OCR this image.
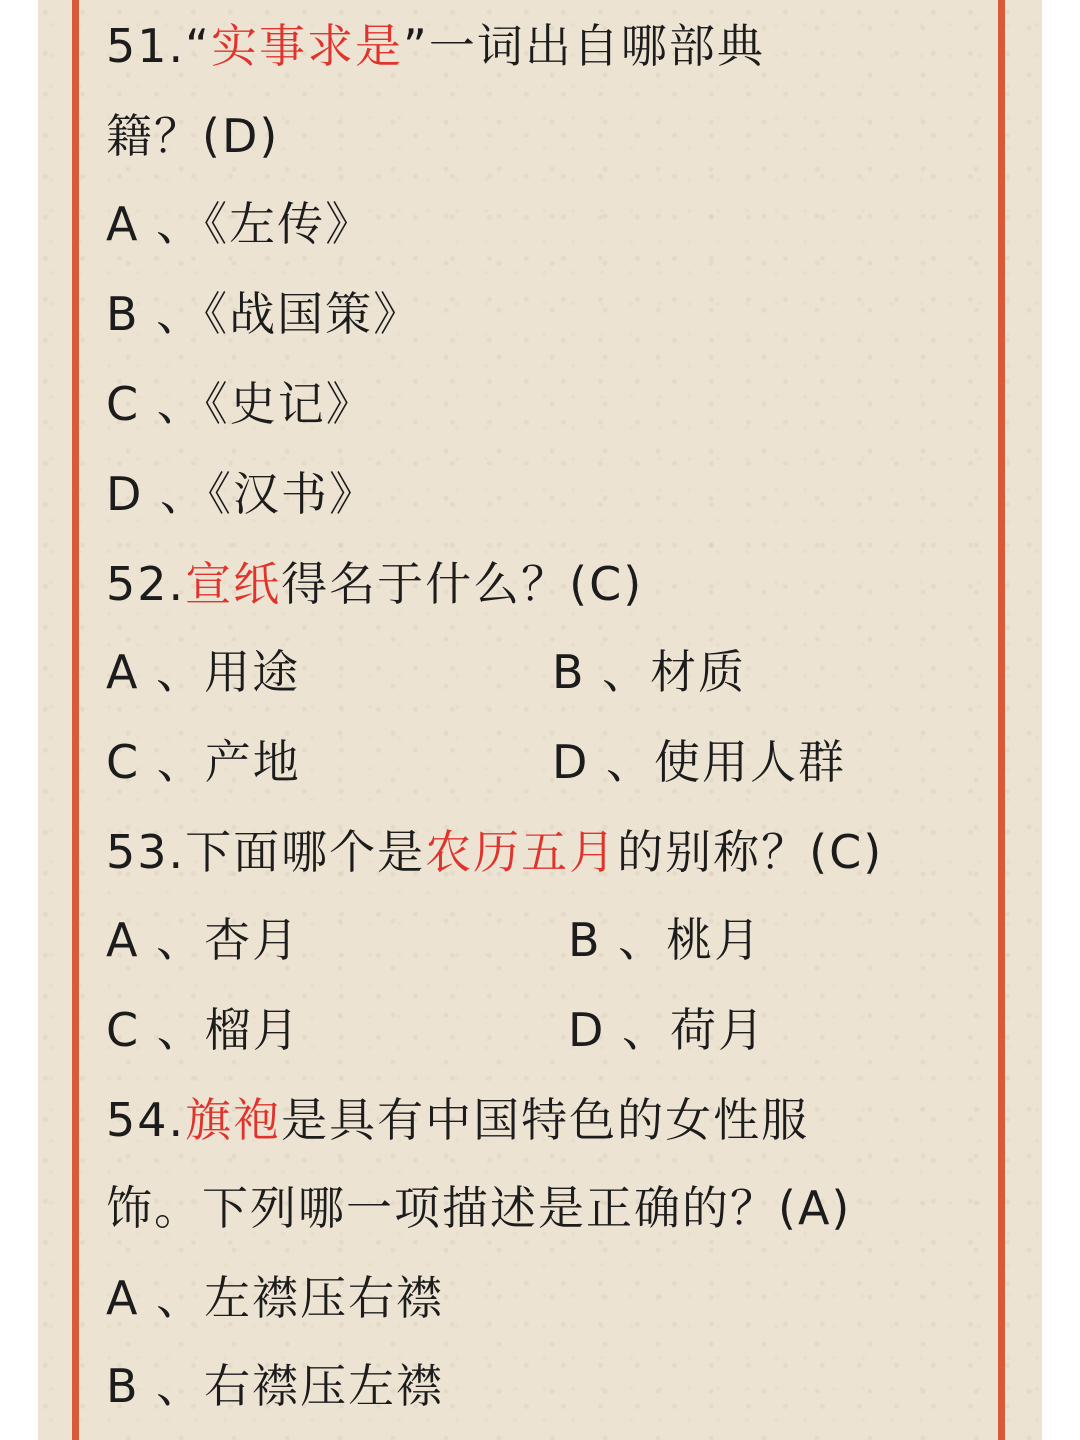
51.“实事求是”一词出自哪部典
籍？(D)
A 、《左传》
B 、《战国策》
C 、《史记》
D 、《汉书》
52.宣纸得名于什么？(C)
A 、用途	B 、材质
C 、产地	D 、使用人群
53.下面哪个是农历五月的别称？(C)
A 、杏月	B 、桃月
C 、榴月	D 、荷月
54.旗袍是具有中国特色的女性服
饰。下列哪一项描述是正确的？(A)
A 、左襟压右襟
B 、右襟压左襟
